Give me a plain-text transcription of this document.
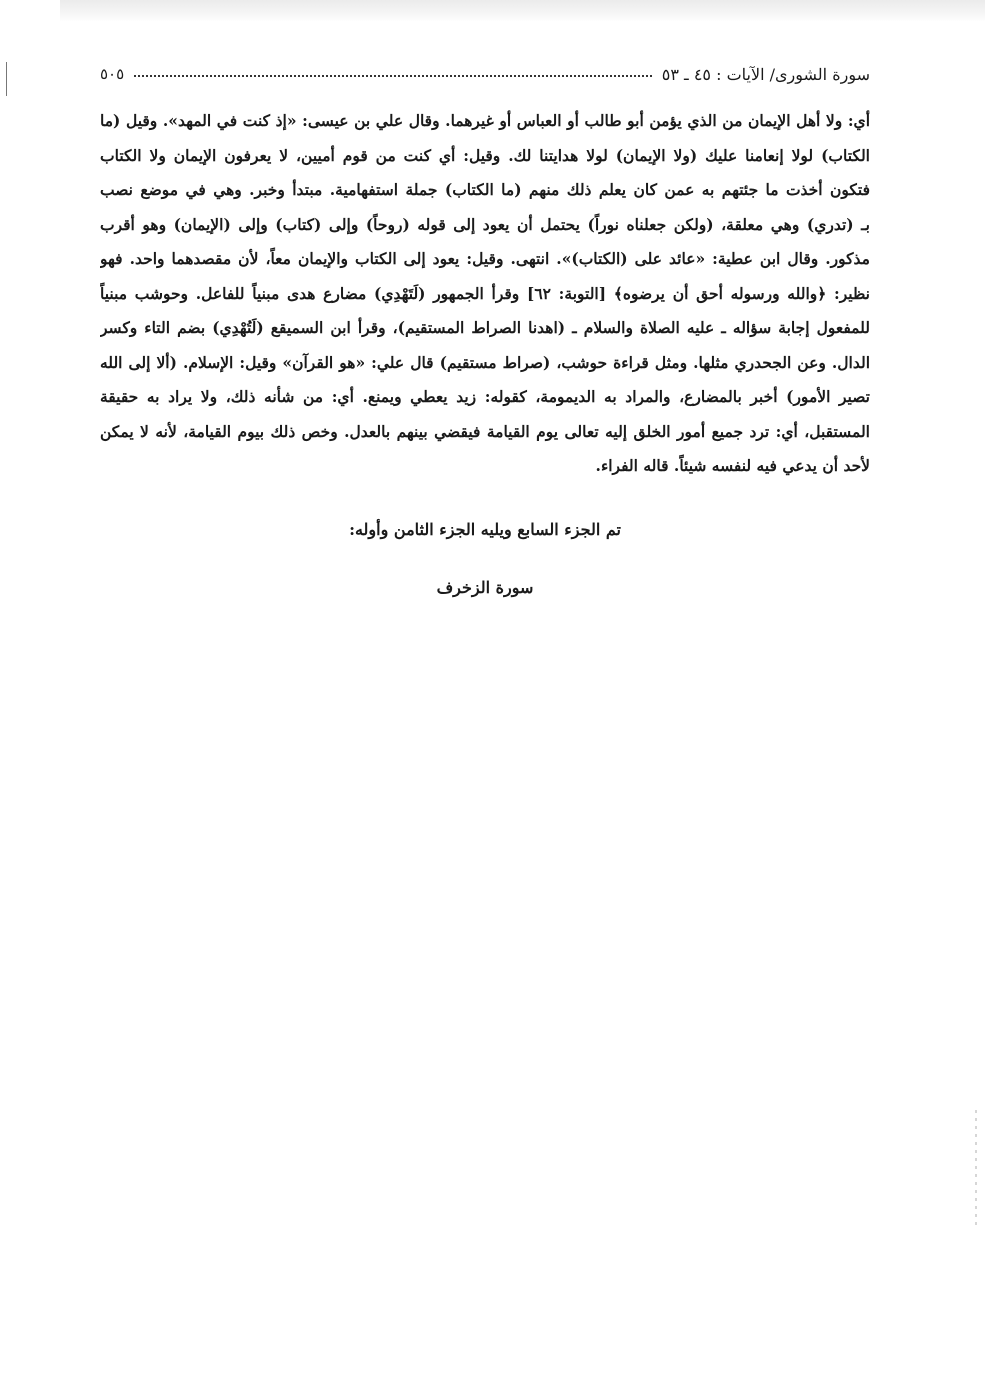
سورة الشورى/ الآيات : ٤٥ ـ ٥٣
٥٠٥
أي: ولا أهل الإيمان من الذي يؤمن أبو طالب أو العباس أو غيرهما. وقال علي بن عيسى: «إذ كنت في المهد». وقيل (ما
الكتاب) لولا إنعامنا عليك (ولا الإيمان) لولا هدايتنا لك. وقيل: أي كنت من قوم أميين، لا يعرفون الإيمان ولا الكتاب
فتكون أخذت ما جئتهم به عمن كان يعلم ذلك منهم (ما الكتاب) جملة استفهامية. مبتدأ وخبر. وهي في موضع نصب
بـ (تدري) وهي معلقة، (ولكن جعلناه نوراً) يحتمل أن يعود إلى قوله (روحاً) وإلى (كتاب) وإلى (الإيمان) وهو أقرب
مذكور. وقال ابن عطية: «عائد على (الكتاب)». انتهى. وقيل: يعود إلى الكتاب والإيمان معاً، لأن مقصدهما واحد. فهو
نظير: ﴿والله ورسوله أحق أن يرضوه﴾ [التوبة: ٦٢] وقرأ الجمهور (لَتَهْدِي) مضارع هدى مبنياً للفاعل. وحوشب مبنياً
للمفعول إجابة سؤاله ـ عليه الصلاة والسلام ـ (اهدنا الصراط المستقيم)، وقرأ ابن السميقع (لَتُهْدِي) بضم التاء وكسر
الدال. وعن الجحدري مثلها. ومثل قراءة حوشب، (صراط مستقيم) قال علي: «هو القرآن» وقيل: الإسلام. (ألا إلى الله
تصير الأمور) أخبر بالمضارع، والمراد به الديمومة، كقوله: زيد يعطي ويمنع. أي: من شأنه ذلك، ولا يراد به حقيقة
المستقبل، أي: ترد جميع أمور الخلق إليه تعالى يوم القيامة فيقضي بينهم بالعدل. وخص ذلك بيوم القيامة، لأنه لا يمكن
لأحد أن يدعي فيه لنفسه شيئاً. قاله الفراء.
تم الجزء السابع ويليه الجزء الثامن وأوله:
سورة الزخرف
